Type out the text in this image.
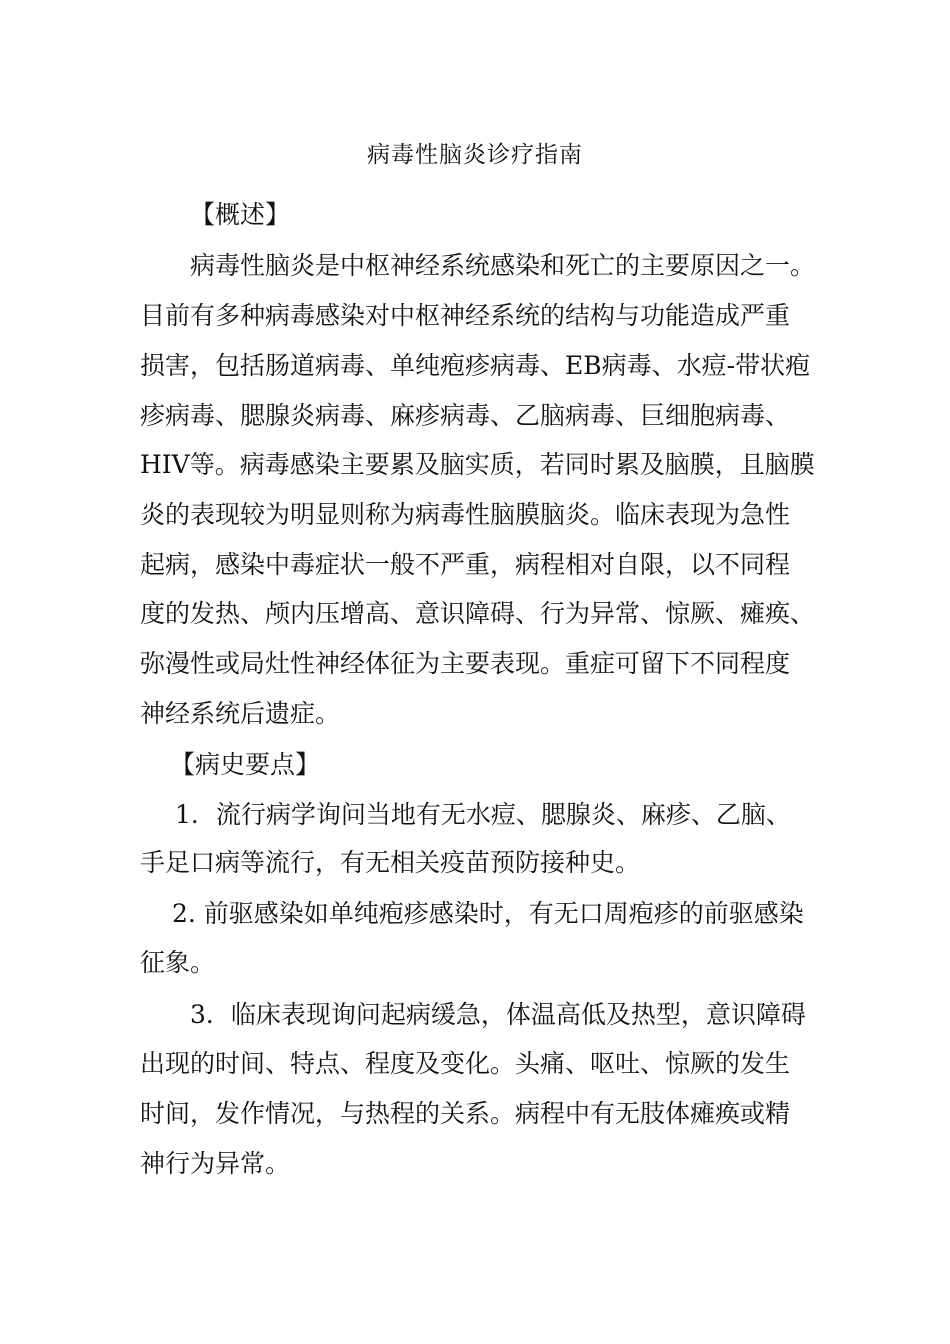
病毒性脑炎诊疗指南
【概述】
病毒性脑炎是中枢神经系统感染和死亡的主要原因之一。
目前有多种病毒感染对中枢神经系统的结构与功能造成严重
损害，包括肠道病毒、单纯疱疹病毒、EB病毒、水痘-带状疱
疹病毒、腮腺炎病毒、麻疹病毒、乙脑病毒、巨细胞病毒、
HIV等。病毒感染主要累及脑实质，若同时累及脑膜，且脑膜
炎的表现较为明显则称为病毒性脑膜脑炎。临床表现为急性
起病，感染中毒症状一般不严重，病程相对自限，以不同程
度的发热、颅内压增高、意识障碍、行为异常、惊厥、瘫痪、
弥漫性或局灶性神经体征为主要表现。重症可留下不同程度
神经系统后遗症。
【病史要点】
1．流行病学询问当地有无水痘、腮腺炎、麻疹、乙脑、
手足口病等流行，有无相关疫苗预防接种史。
2. 前驱感染如单纯疱疹感染时，有无口周疱疹的前驱感染
征象。
3．临床表现询问起病缓急，体温高低及热型，意识障碍
出现的时间、特点、程度及变化。头痛、呕吐、惊厥的发生
时间，发作情况，与热程的关系。病程中有无肢体瘫痪或精
神行为异常。
